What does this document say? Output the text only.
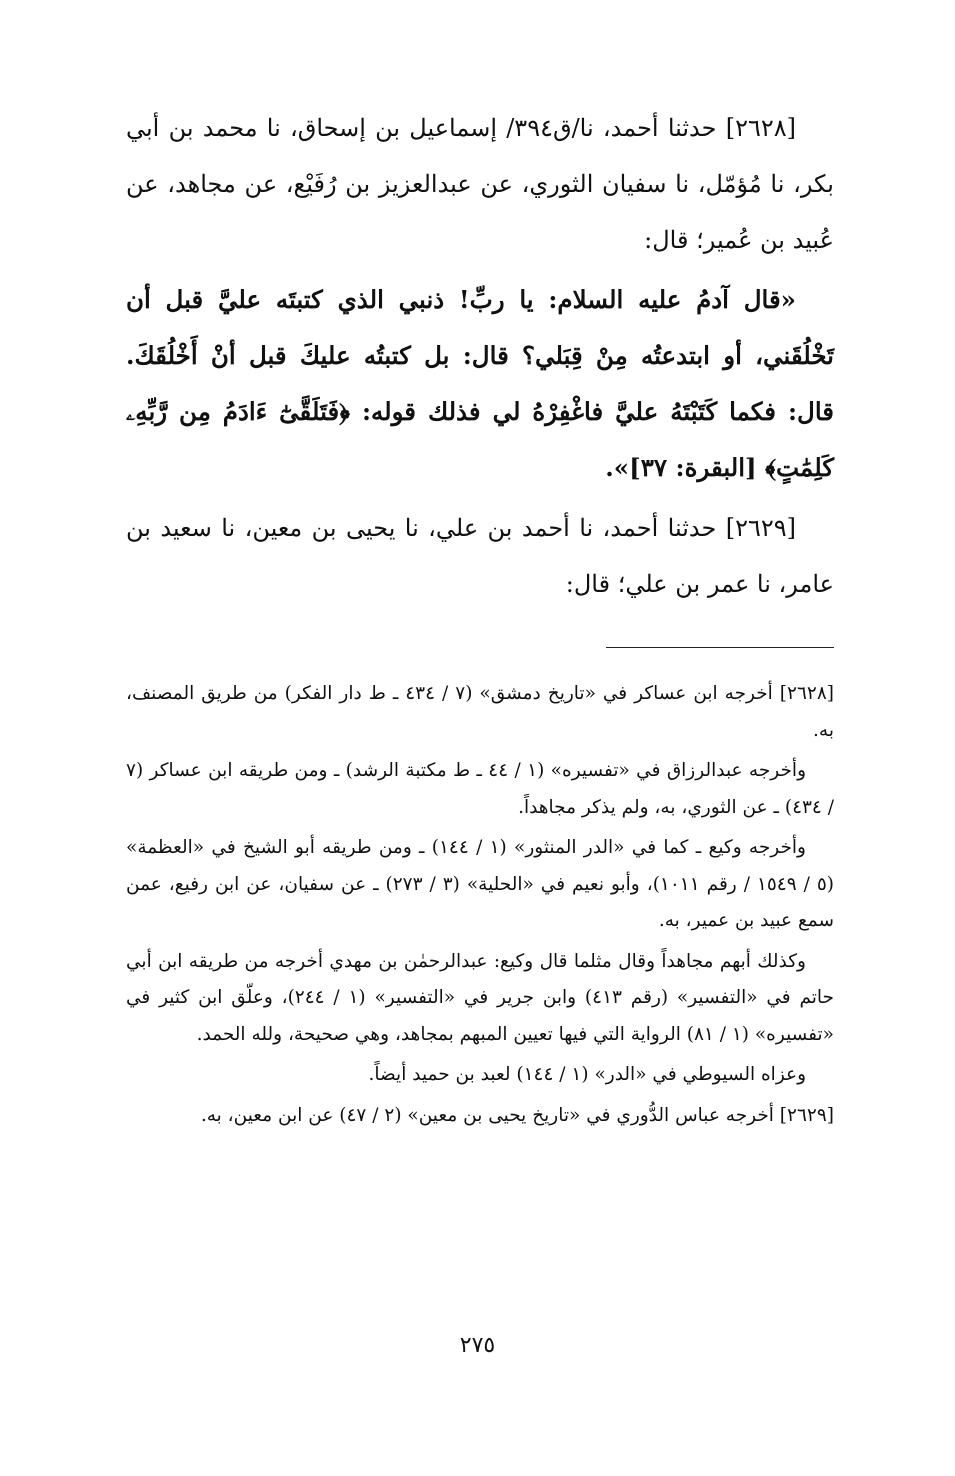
[٢٦٢٨] حدثنا أحمد، نا/ق٣٩٤/ إسماعيل بن إسحاق، نا محمد بن أبي بكر، نا مُؤمّل، نا سفيان الثوري، عن عبدالعزيز بن رُفَيْع، عن مجاهد، عن عُبيد بن عُمير؛ قال:

«قال آدمُ عليه السلام: يا ربِّ! ذنبي الذي كتبتَه عليَّ قبل أن تَخْلُقَني، أو ابتدعتُه مِنْ قِبَلي؟ قال: بل كتبتُه عليكَ قبل أنْ أَخْلُقَكَ. قال: فكما كَتَبْتَهُ عليَّ فاغْفِرْهُ لي فذلك قوله: ﴿فَتَلَقَّىٰٓ ءَادَمُ مِن رَّبِّهِۦ كَلِمَٰتٍ﴾ [البقرة: ٣٧]».

[٢٦٢٩] حدثنا أحمد، نا أحمد بن علي، نا يحيى بن معين، نا سعيد بن عامر، نا عمر بن علي؛ قال:

[٢٦٢٨] أخرجه ابن عساكر في «تاريخ دمشق» (٧ / ٤٣٤ ـ ط دار الفكر) من طريق المصنف، به.

وأخرجه عبدالرزاق في «تفسيره» (١ / ٤٤ ـ ط مكتبة الرشد) ـ ومن طريقه ابن عساكر (٧ / ٤٣٤) ـ عن الثوري، به، ولم يذكر مجاهداً.

وأخرجه وكيع ـ كما في «الدر المنثور» (١ / ١٤٤) ـ ومن طريقه أبو الشيخ في «العظمة» (٥ / ١٥٤٩ / رقم ١٠١١)، وأبو نعيم في «الحلية» (٣ / ٢٧٣) ـ عن سفيان، عن ابن رفيع، عمن سمع عبيد بن عمير، به.

وكذلك أبهم مجاهداً وقال مثلما قال وكيع: عبدالرحمٰن بن مهدي أخرجه من طريقه ابن أبي حاتم في «التفسير» (رقم ٤١٣) وابن جرير في «التفسير» (١ / ٢٤٤)، وعلّق ابن كثير في «تفسيره» (١ / ٨١) الرواية التي فيها تعيين المبهم بمجاهد، وهي صحيحة، ولله الحمد.

وعزاه السيوطي في «الدر» (١ / ١٤٤) لعبد بن حميد أيضاً.

[٢٦٢٩] أخرجه عباس الدُّوري في «تاريخ يحيى بن معين» (٢ / ٤٧) عن ابن معين، به.

٢٧٥
